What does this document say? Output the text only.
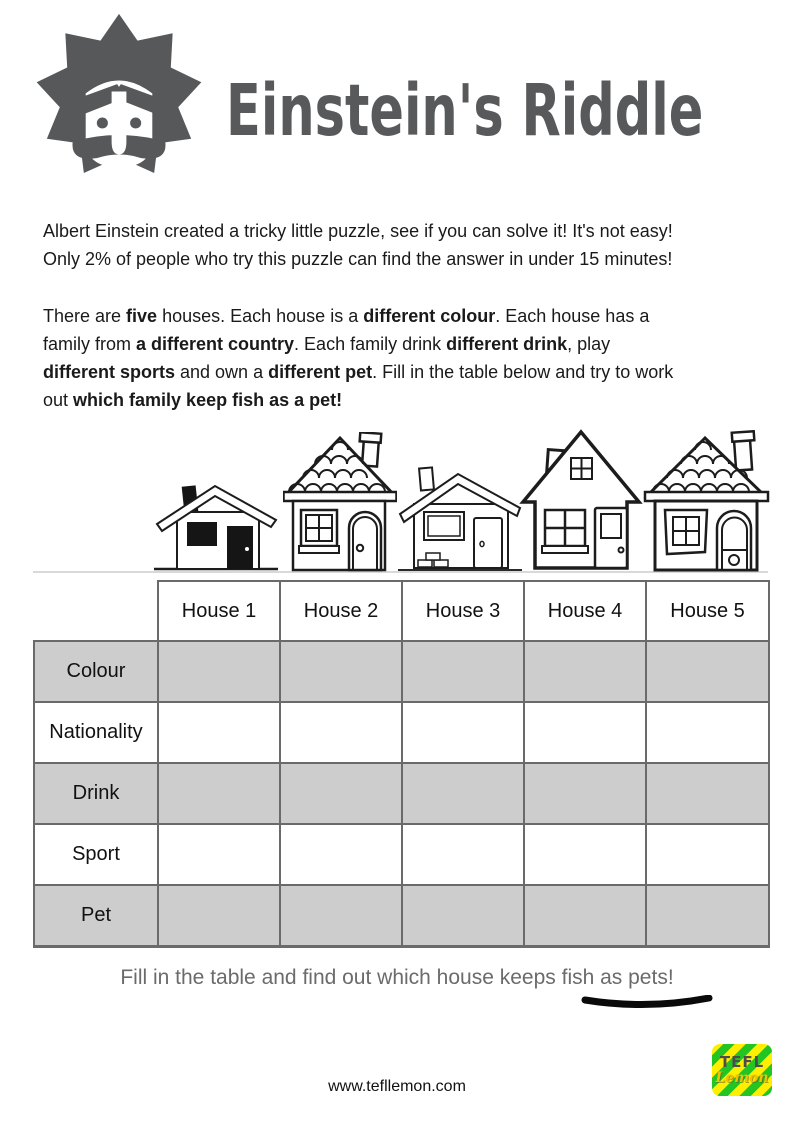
Einstein's Riddle
Albert Einstein created a tricky little puzzle, see if you can solve it! It's not easy!
Only 2% of people who try this puzzle can find the answer in under 15 minutes!
There are five houses. Each house is a different colour. Each house has a
family from a different country. Each family drink different drink, play
different sports and own a different pet. Fill in the table below and try to work
out which family keep fish as a pet!
	House 1	House 2	House 3	House 4	House 5
Colour					
Nationality					
Drink					
Sport					
Pet					
Fill in the table and find out which house keeps fish as pets!
www.tefllemon.com
TEFL
Lemon
